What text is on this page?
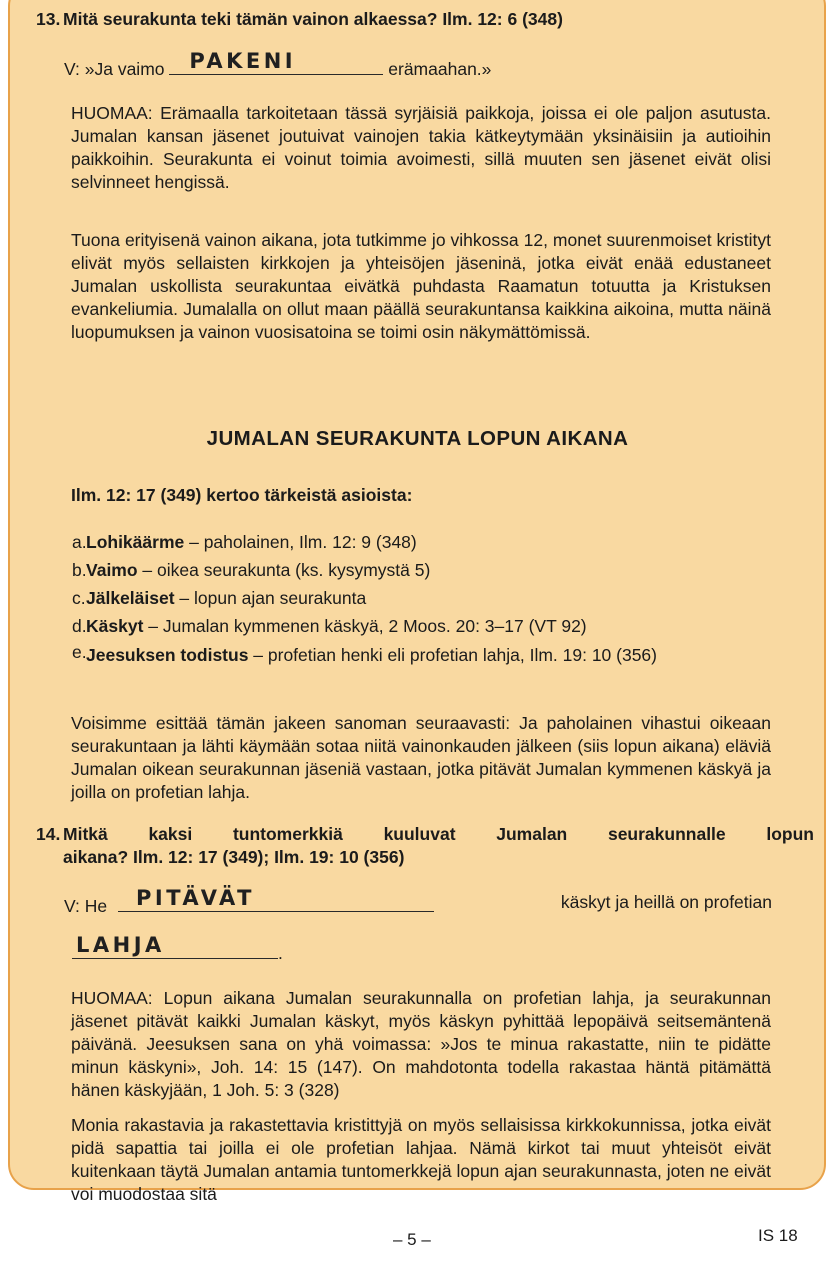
13. Mitä seurakunta teki tämän vainon alkaessa? Ilm. 12: 6 (348)
V: »Ja vaimo PAKENI	erämaahan.»
HUOMAA: Erämaalla tarkoitetaan tässä syrjäisiä paikkoja, joissa ei ole paljon asutusta. Jumalan kansan jäsenet joutuivat vainojen takia kätkeytymään yksinäisiin ja autioihin paikkoihin. Seurakunta ei voinut toimia avoimesti, sillä muuten sen jäsenet eivät olisi selvinneet hengissä.
Tuona erityisenä vainon aikana, jota tutkimme jo vihkossa 12, monet suurenmoiset kristityt elivät myös sellaisten kirkkojen ja yhteisöjen jäseninä, jotka eivät enää edustaneet Jumalan uskollista seurakuntaa eivätkä puhdasta Raamatun totuutta ja Kristuksen evankeliumia. Jumalalla on ollut maan päällä seurakuntansa kaikkina aikoina, mutta näinä luopumuksen ja vainon vuosisatoina se toimi osin näkymättömissä.
JUMALAN SEURAKUNTA LOPUN AIKANA
Ilm. 12: 17 (349) kertoo tärkeistä asioista:
a. Lohikäärme – paholainen, Ilm. 12: 9 (348)
b. Vaimo – oikea seurakunta (ks. kysymystä 5)
c. Jälkeläiset – lopun ajan seurakunta
d. Käskyt – Jumalan kymmenen käskyä, 2 Moos. 20: 3–17 (VT 92)
e. Jeesuksen todistus – profetian henki eli profetian lahja, Ilm. 19: 10 (356)
Voisimme esittää tämän jakeen sanoman seuraavasti: Ja paholainen vihastui oikeaan seurakuntaan ja lähti käymään sotaa niitä vainonkauden jälkeen (siis lopun aikana) eläviä Jumalan oikean seurakunnan jäseniä vastaan, jotka pitävät Jumalan kymmenen käskyä ja joilla on profetian lahja.
14. Mitkä kaksi tuntomerkkiä kuuluvat Jumalan seurakunnalle lopun
aikana? Ilm. 12: 17 (349); Ilm. 19: 10 (356)
V: He PITÄVÄT	käskyt ja heillä on profetian
LAHJA	.
HUOMAA: Lopun aikana Jumalan seurakunnalla on profetian lahja, ja seurakunnan jäsenet pitävät kaikki Jumalan käskyt, myös käskyn pyhittää lepopäivä seitsemäntenä päivänä. Jeesuksen sana on yhä voimassa: »Jos te minua rakastatte, niin te pidätte minun käskyni», Joh. 14: 15 (147). On mahdotonta todella rakastaa häntä pitämättä hänen käskyjään, 1 Joh. 5: 3 (328)
Monia rakastavia ja rakastettavia kristittyjä on myös sellaisissa kirkkokunnissa, jotka eivät pidä sapattia tai joilla ei ole profetian lahjaa. Nämä kirkot tai muut yhteisöt eivät kuitenkaan täytä Jumalan antamia tuntomerkkejä lopun ajan seurakunnasta, joten ne eivät voi muodostaa sitä
– 5 –	IS 18
